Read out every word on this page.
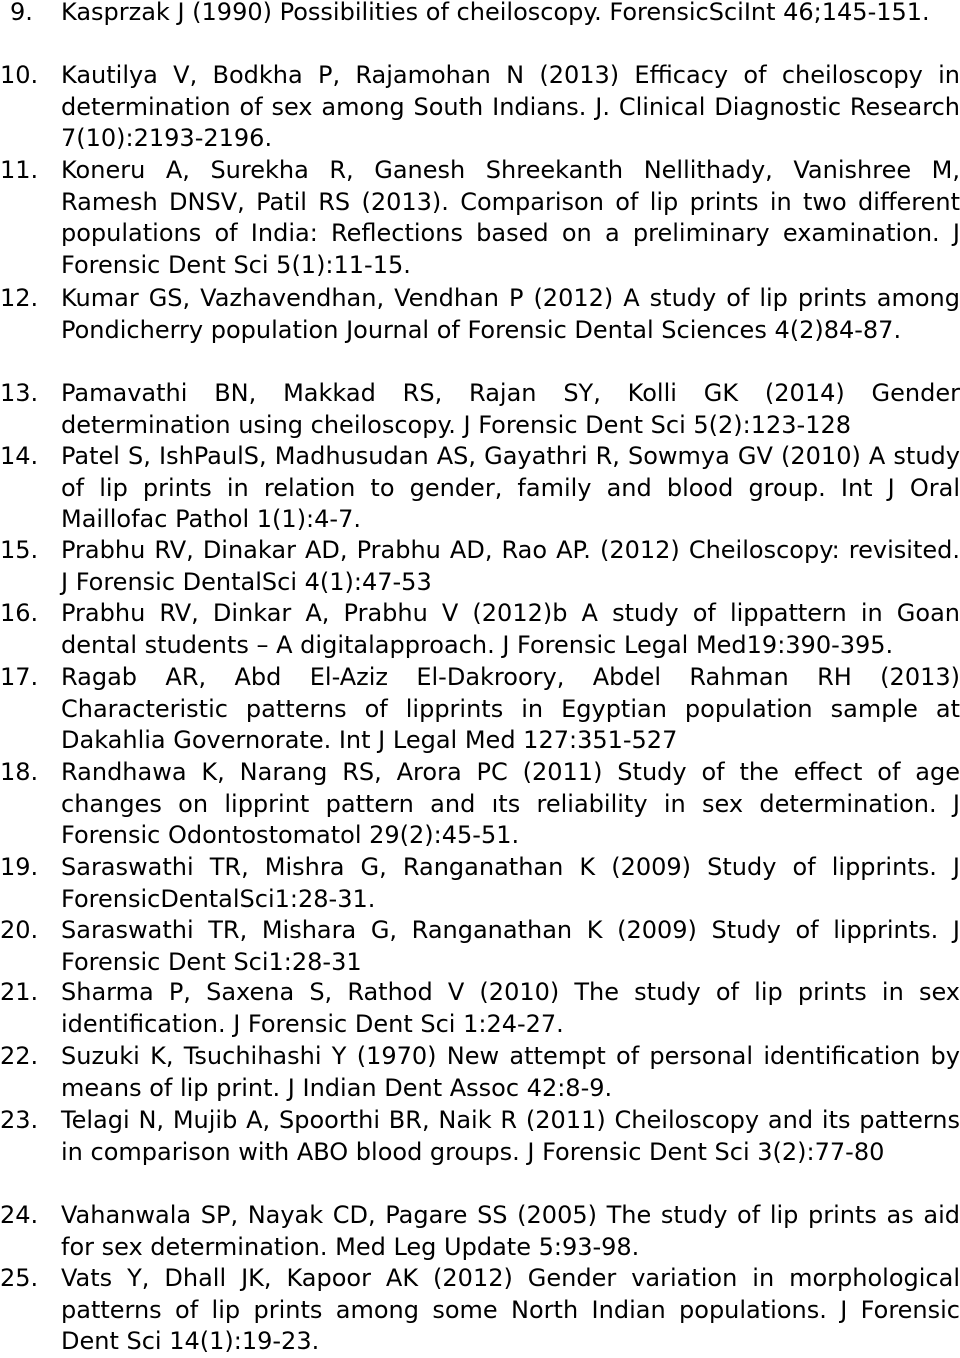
9.	Kasprzak J (1990) Possibilities of cheiloscopy. ForensicSciInt 46;145-151.
10. Kautilya V, Bodkha P, Rajamohan N (2013) Efficacy of cheiloscopy in determination of sex among South Indians. J. Clinical Diagnostic Research 7(10):2193-2196.
11. Koneru A, Surekha R, Ganesh Shreekanth Nellithady, Vanishree M, Ramesh DNSV, Patil RS (2013). Comparison of lip prints in two different populations of India: Reflections based on a preliminary examination. J Forensic Dent Sci 5(1):11-15.
12. Kumar GS, Vazhavendhan, Vendhan P (2012) A study of lip prints among Pondicherry population Journal of Forensic Dental Sciences 4(2)84-87.
13. Pamavathi BN, Makkad RS, Rajan SY, Kolli GK (2014) Gender determination using cheiloscopy. J Forensic Dent Sci 5(2):123-128
14. Patel S, IshPaulS, Madhusudan AS, Gayathri R, Sowmya GV (2010) A study of lip prints in relation to gender, family and blood group. Int J Oral Maillofac Pathol 1(1):4-7.
15. Prabhu RV, Dinakar AD, Prabhu AD, Rao AP. (2012) Cheiloscopy: revisited. J Forensic DentalSci 4(1):47-53
16. Prabhu RV, Dinkar A, Prabhu V (2012)b A study of lippattern in Goan dental students – A digitalapproach. J Forensic Legal Med19:390-395.
17. Ragab AR, Abd El-Aziz El-Dakroory, Abdel Rahman RH (2013) Characteristic patterns of lipprints in Egyptian population sample at Dakahlia Governorate. Int J Legal Med 127:351-527
18. Randhawa K, Narang RS, Arora PC (2011) Study of the effect of age changes on lipprint pattern and ıts reliability in sex determination. J Forensic Odontostomatol 29(2):45-51.
19. Saraswathi TR, Mishra G, Ranganathan K (2009) Study of lipprints. J ForensicDentalSci1:28-31.
20. Saraswathi TR, Mishara G, Ranganathan K (2009) Study of lipprints. J Forensic Dent Sci1:28-31
21. Sharma P, Saxena S, Rathod V (2010) The study of lip prints in sex identification. J Forensic Dent Sci 1:24-27.
22. Suzuki K, Tsuchihashi Y (1970) New attempt of personal identification by means of lip print. J Indian Dent Assoc 42:8-9.
23. Telagi N, Mujib A, Spoorthi BR, Naik R (2011) Cheiloscopy and its patterns in comparison with ABO blood groups. J Forensic Dent Sci 3(2):77-80
24. Vahanwala SP, Nayak CD, Pagare SS (2005) The study of lip prints as aid for sex determination. Med Leg Update 5:93-98.
25. Vats Y, Dhall JK, Kapoor AK (2012) Gender variation in morphological patterns of lip prints among some North Indian populations. J Forensic Dent Sci 14(1):19-23.
